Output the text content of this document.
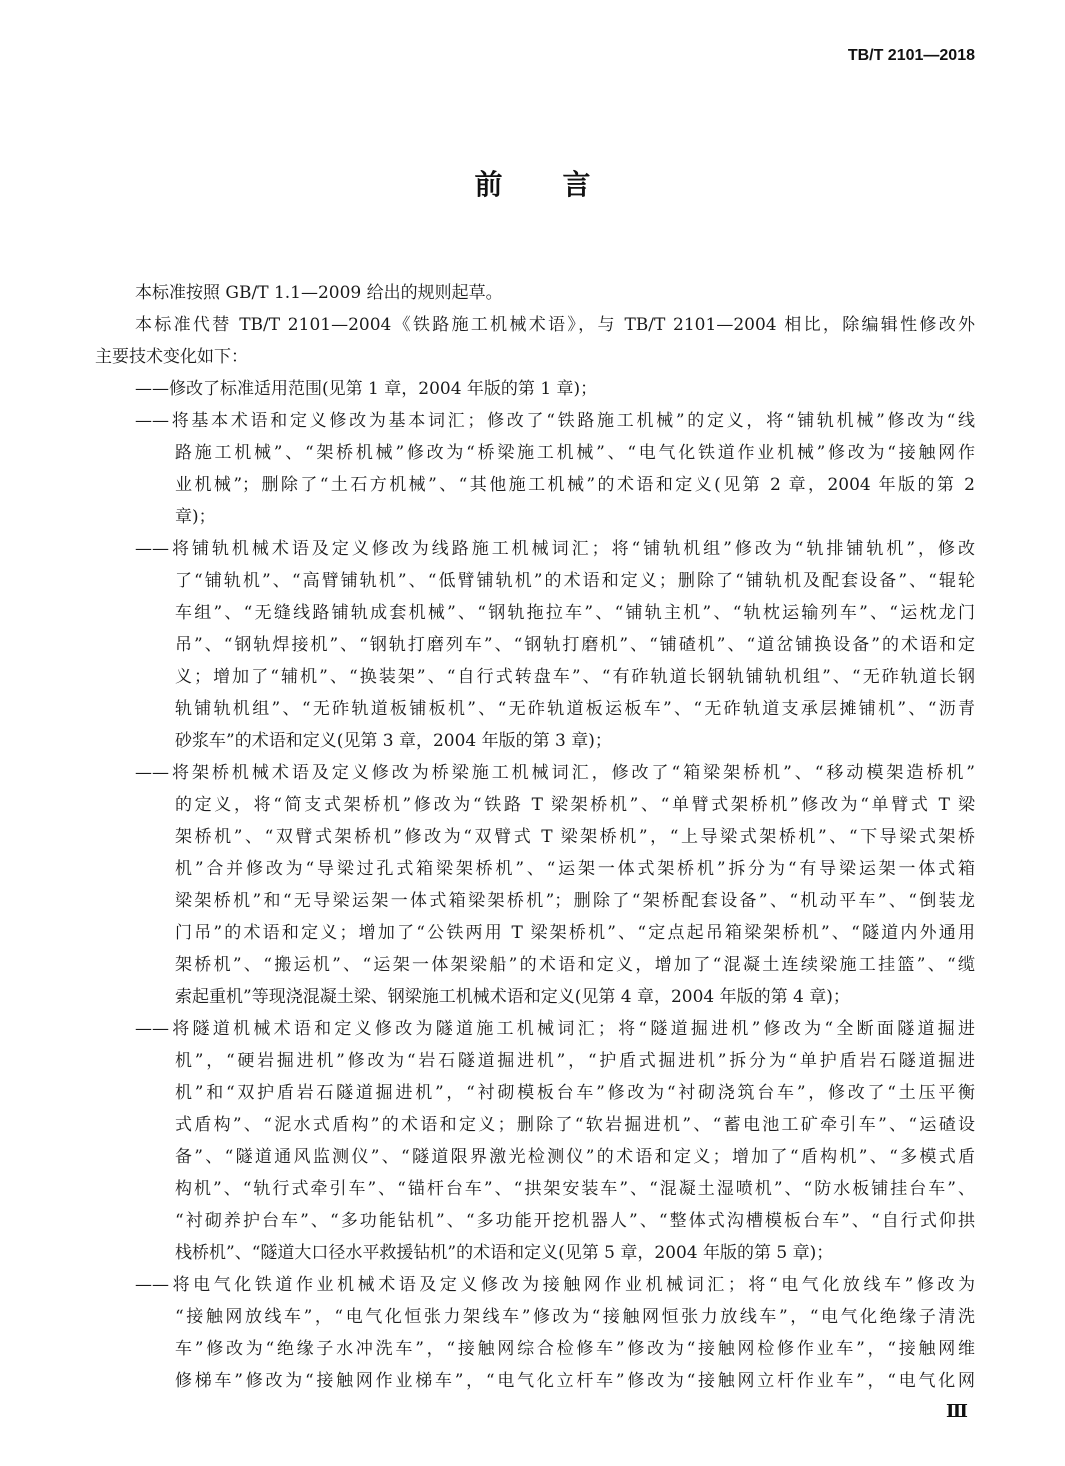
TB/T 2101—2018
前言
本标准按照 GB/T 1.1—2009 给出的规则起草。
本标准代替 TB/T 2101—2004《铁路施工机械术语》，与 TB/T 2101—2004 相比，除编辑性修改外
主要技术变化如下：
——修改了标准适用范围(见第 1 章，2004 年版的第 1 章)；
——将基本术语和定义修改为基本词汇；修改了“铁路施工机械”的定义，将“铺轨机械”修改为“线
路施工机械”、“架桥机械”修改为“桥梁施工机械”、“电气化铁道作业机械”修改为“接触网作
业机械”；删除了“土石方机械”、“其他施工机械”的术语和定义(见第 2 章，2004 年版的第 2
章)；
——将铺轨机械术语及定义修改为线路施工机械词汇；将“铺轨机组”修改为“轨排铺轨机”，修改
了“铺轨机”、“高臂铺轨机”、“低臂铺轨机”的术语和定义；删除了“铺轨机及配套设备”、“辊轮
车组”、“无缝线路铺轨成套机械”、“钢轨拖拉车”、“铺轨主机”、“轨枕运输列车”、“运枕龙门
吊”、“钢轨焊接机”、“钢轨打磨列车”、“钢轨打磨机”、“铺碴机”、“道岔铺换设备”的术语和定
义；增加了“辅机”、“换装架”、“自行式转盘车”、“有砟轨道长钢轨铺轨机组”、“无砟轨道长钢
轨铺轨机组”、“无砟轨道板铺板机”、“无砟轨道板运板车”、“无砟轨道支承层摊铺机”、“沥青
砂浆车”的术语和定义(见第 3 章，2004 年版的第 3 章)；
——将架桥机械术语及定义修改为桥梁施工机械词汇，修改了“箱梁架桥机”、“移动模架造桥机”
的定义，将“简支式架桥机”修改为“铁路 T 梁架桥机”、“单臂式架桥机”修改为“单臂式 T 梁
架桥机”、“双臂式架桥机”修改为“双臂式 T 梁架桥机”，“上导梁式架桥机”、“下导梁式架桥
机”合并修改为“导梁过孔式箱梁架桥机”、“运架一体式架桥机”拆分为“有导梁运架一体式箱
梁架桥机”和“无导梁运架一体式箱梁架桥机”；删除了“架桥配套设备”、“机动平车”、“倒装龙
门吊”的术语和定义；增加了“公铁两用 T 梁架桥机”、“定点起吊箱梁架桥机”、“隧道内外通用
架桥机”、“搬运机”、“运架一体架梁船”的术语和定义，增加了“混凝土连续梁施工挂篮”、“缆
索起重机”等现浇混凝土梁、钢梁施工机械术语和定义(见第 4 章，2004 年版的第 4 章)；
——将隧道机械术语和定义修改为隧道施工机械词汇；将“隧道掘进机”修改为“全断面隧道掘进
机”，“硬岩掘进机”修改为“岩石隧道掘进机”，“护盾式掘进机”拆分为“单护盾岩石隧道掘进
机”和“双护盾岩石隧道掘进机”，“衬砌模板台车”修改为“衬砌浇筑台车”，修改了“土压平衡
式盾构”、“泥水式盾构”的术语和定义；删除了“软岩掘进机”、“蓄电池工矿牵引车”、“运碴设
备”、“隧道通风监测仪”、“隧道限界激光检测仪”的术语和定义；增加了“盾构机”、“多模式盾
构机”、“轨行式牵引车”、“锚杆台车”、“拱架安装车”、“混凝土湿喷机”、“防水板铺挂台车”、
“衬砌养护台车”、“多功能钻机”、“多功能开挖机器人”、“整体式沟槽模板台车”、“自行式仰拱
栈桥机”、“隧道大口径水平救援钻机”的术语和定义(见第 5 章，2004 年版的第 5 章)；
——将电气化铁道作业机械术语及定义修改为接触网作业机械词汇；将“电气化放线车”修改为
“接触网放线车”，“电气化恒张力架线车”修改为“接触网恒张力放线车”，“电气化绝缘子清洗
车”修改为“绝缘子水冲洗车”，“接触网综合检修车”修改为“接触网检修作业车”，“接触网维
修梯车”修改为“接触网作业梯车”，“电气化立杆车”修改为“接触网立杆作业车”，“电气化网
Ⅲ
